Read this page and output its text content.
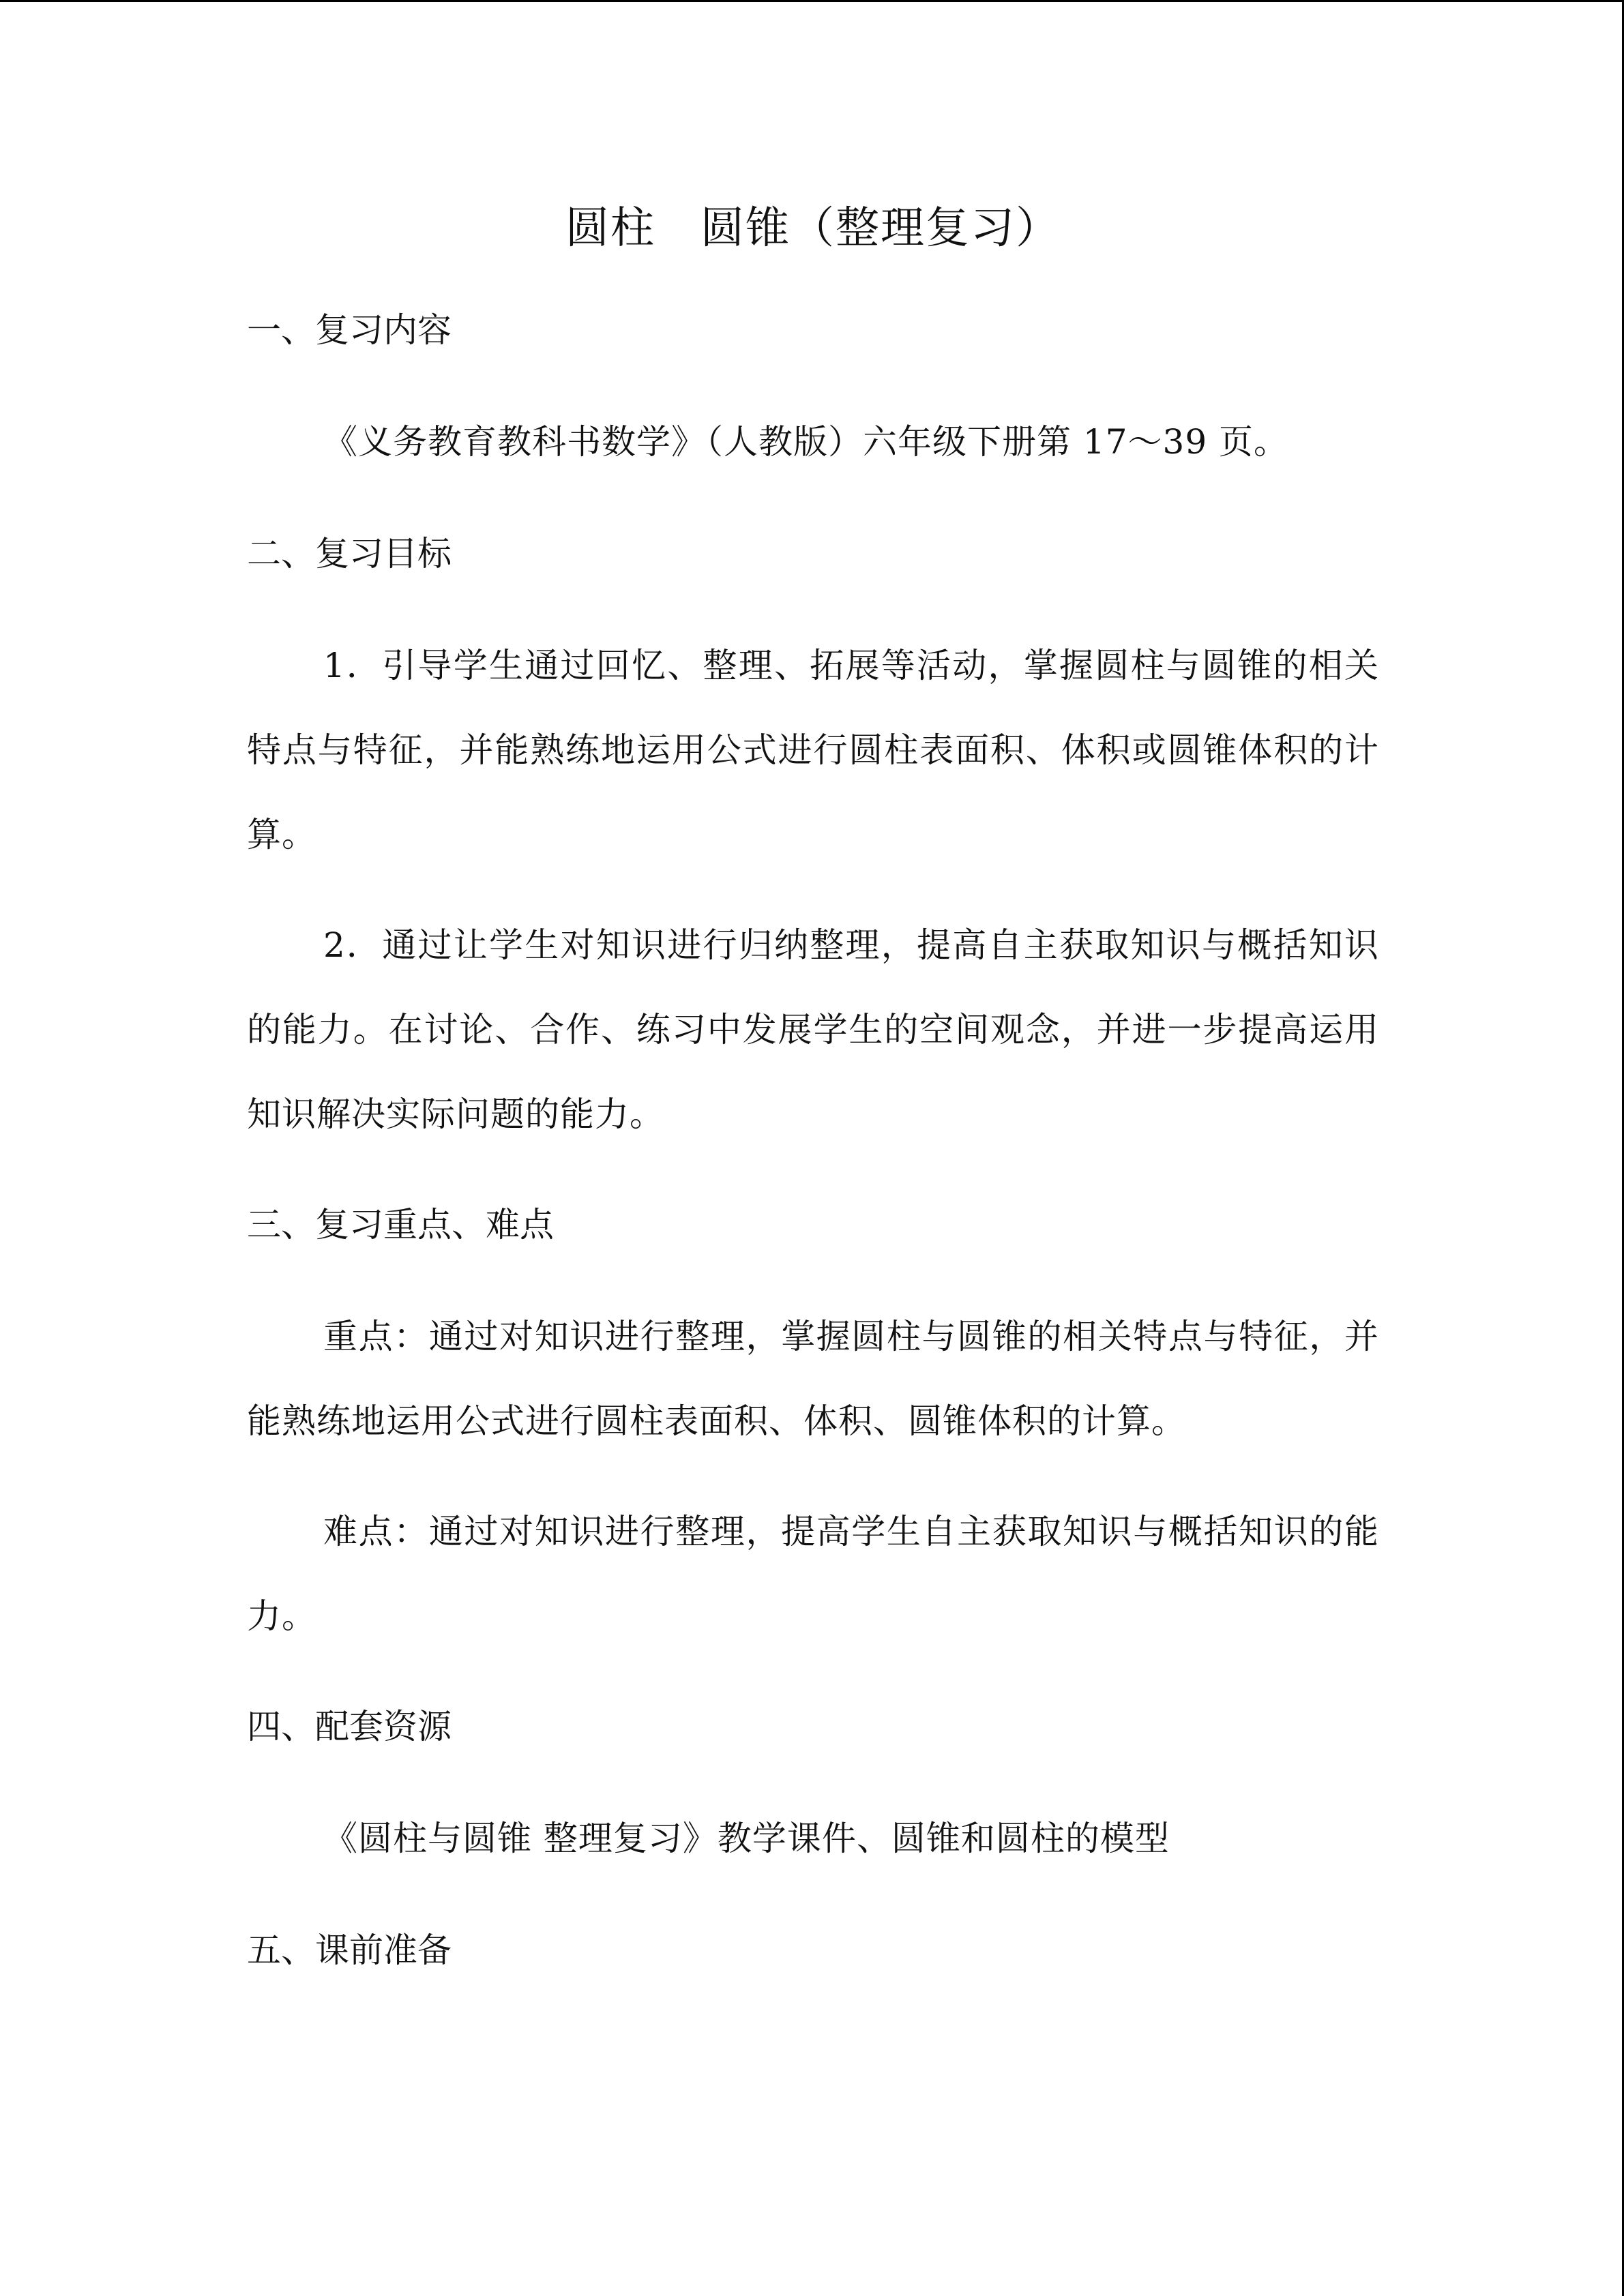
圆柱　圆锥（整理复习）
一、复习内容

《义务教育教科书数学》（人教版）六年级下册第 17～39 页。

二、复习目标

1．引导学生通过回忆、整理、拓展等活动，掌握圆柱与圆锥的相关特点与特征，并能熟练地运用公式进行圆柱表面积、体积或圆锥体积的计算。

2．通过让学生对知识进行归纳整理，提高自主获取知识与概括知识的能力。在讨论、合作、练习中发展学生的空间观念，并进一步提高运用知识解决实际问题的能力。

三、复习重点、难点

重点：通过对知识进行整理，掌握圆柱与圆锥的相关特点与特征，并能熟练地运用公式进行圆柱表面积、体积、圆锥体积的计算。

难点：通过对知识进行整理，提高学生自主获取知识与概括知识的能力。

四、配套资源

《圆柱与圆锥 整理复习》教学课件、圆锥和圆柱的模型

五、课前准备
